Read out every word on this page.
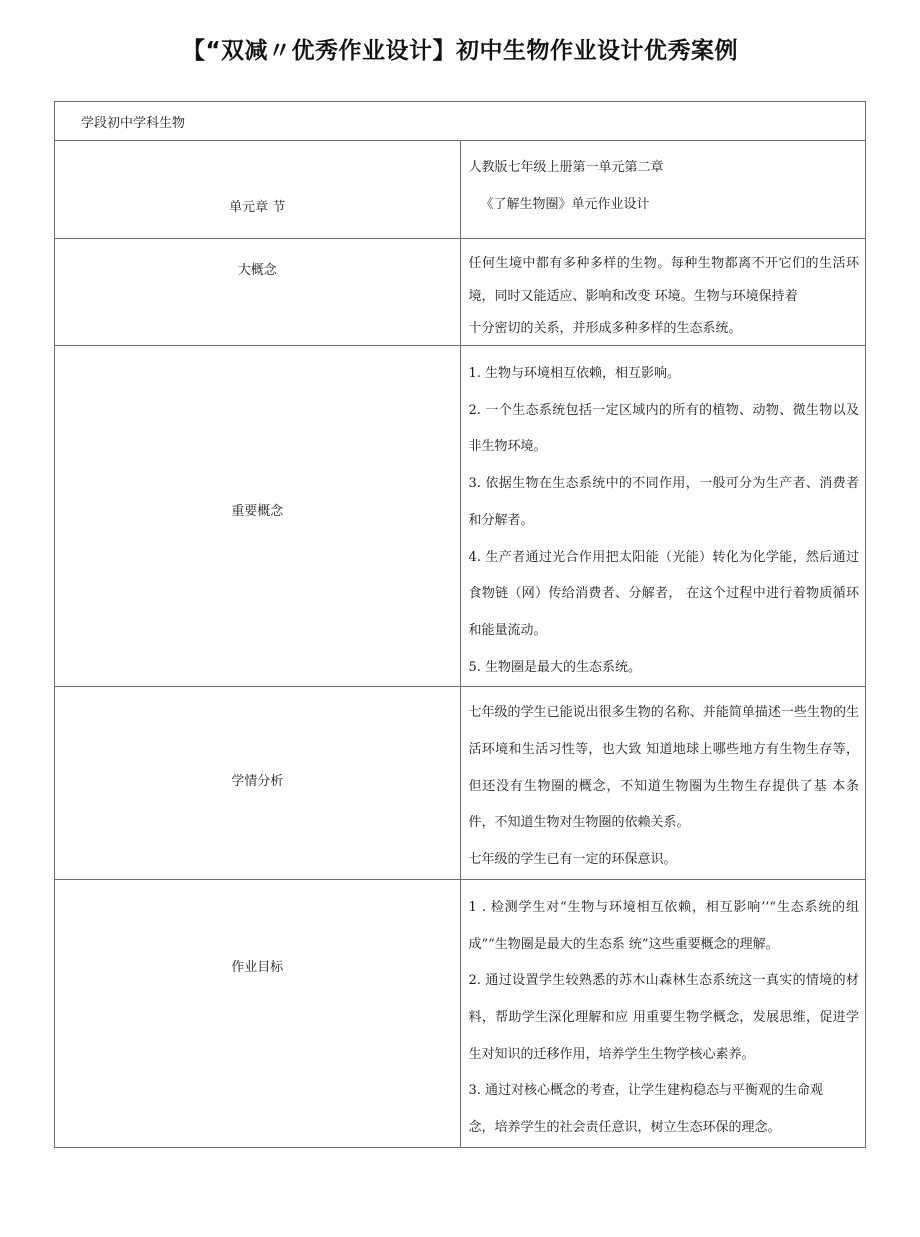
【“双减〃优秀作业设计】初中生物作业设计优秀案例
学段初中学科生物	

单元章 节	人教版七年级上册第一单元第二章
《了解生物圈》单元作业设计

大概念	任何生境中都有多种多样的生物。每种生物都离不开它们的生活环境，同时又能适应、影响和改变 环境。生物与环境保持着
十分密切的关系，并形成多种多样的生态系统。

重要概念	1. 生物与环境相互依赖，相互影响。
2. 一个生态系统包括一定区域内的所有的植物、动物、微生物以及非生物环境。
3. 依据生物在生态系统中的不同作用，一般可分为生产者、消费者和分解者。
4. 生产者通过光合作用把太阳能（光能）转化为化学能，然后通过食物链（网）传给消费者、分解者， 在这个过程中进行着物质循环和能量流动。
5. 生物圈是最大的生态系统。

学情分析	七年级的学生已能说出很多生物的名称、并能简单描述一些生物的生活环境和生活习性等，也大致 知道地球上哪些地方有生物生存等，但还没有生物圈的概念，不知道生物圈为生物生存提供了基 本条件，不知道生物对生物圈的依赖关系。
七年级的学生已有一定的环保意识。

作业目标	1 . 检测学生对“生物与环境相互依赖，相互影响’’“生态系统的组成”“生物圈是最大的生态系 统”这些重要概念的理解。
2. 通过设置学生较熟悉的苏木山森林生态系统这一真实的情境的材料，帮助学生深化理解和应 用重要生物学概念，发展思维，促进学生对知识的迁移作用，培养学生生物学核心素养。
3. 通过对核心概念的考查，让学生建构稳态与平衡观的生命观
念，培养学生的社会责任意识，树立生态环保的理念。
